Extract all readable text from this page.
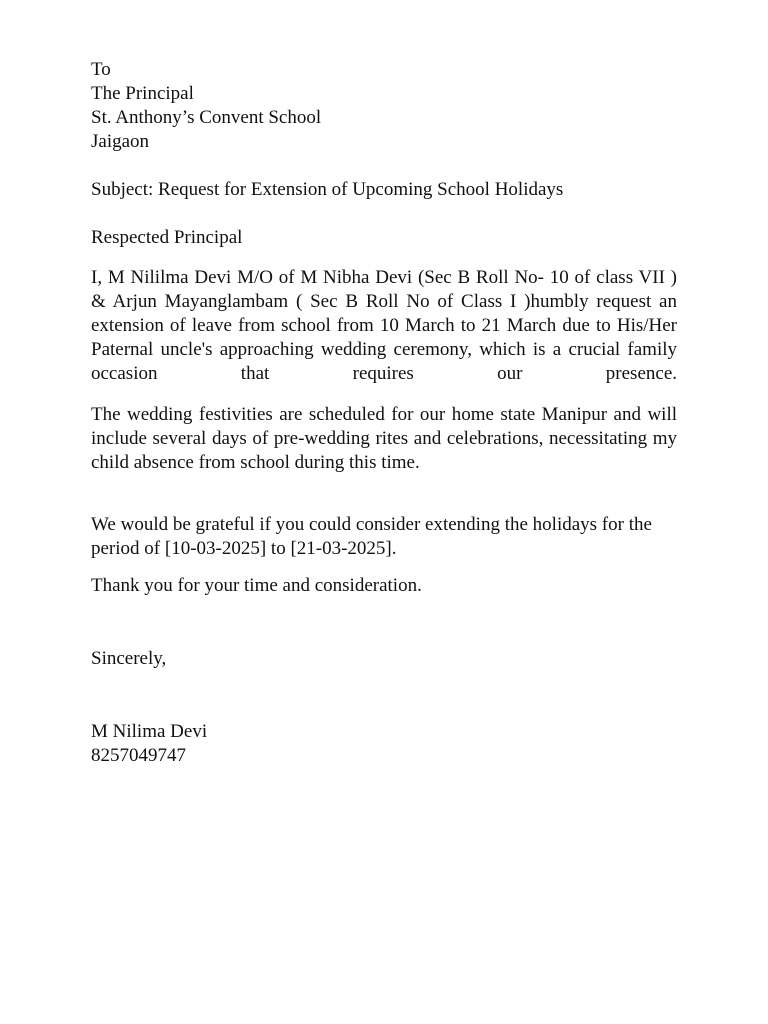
To
The Principal
St. Anthony’s Convent School
Jaigaon

Subject: Request for Extension of Upcoming School Holidays

Respected Principal

I, M Nililma Devi M/O of M Nibha Devi (Sec B Roll No- 10 of class VII ) & Arjun Mayanglambam ( Sec B Roll No of Class I )humbly request an extension of leave from school from 10 March to 21 March due to His/Her Paternal uncle's approaching wedding ceremony, which is a crucial family occasion that requires our presence.

The wedding festivities are scheduled for our home state Manipur and will include several days of pre-wedding rites and celebrations, necessitating my child absence from school during this time.

We would be grateful if you could consider extending the holidays for the period of [10-03-2025] to [21-03-2025].

Thank you for your time and consideration.

Sincerely,

M Nilima Devi
8257049747
